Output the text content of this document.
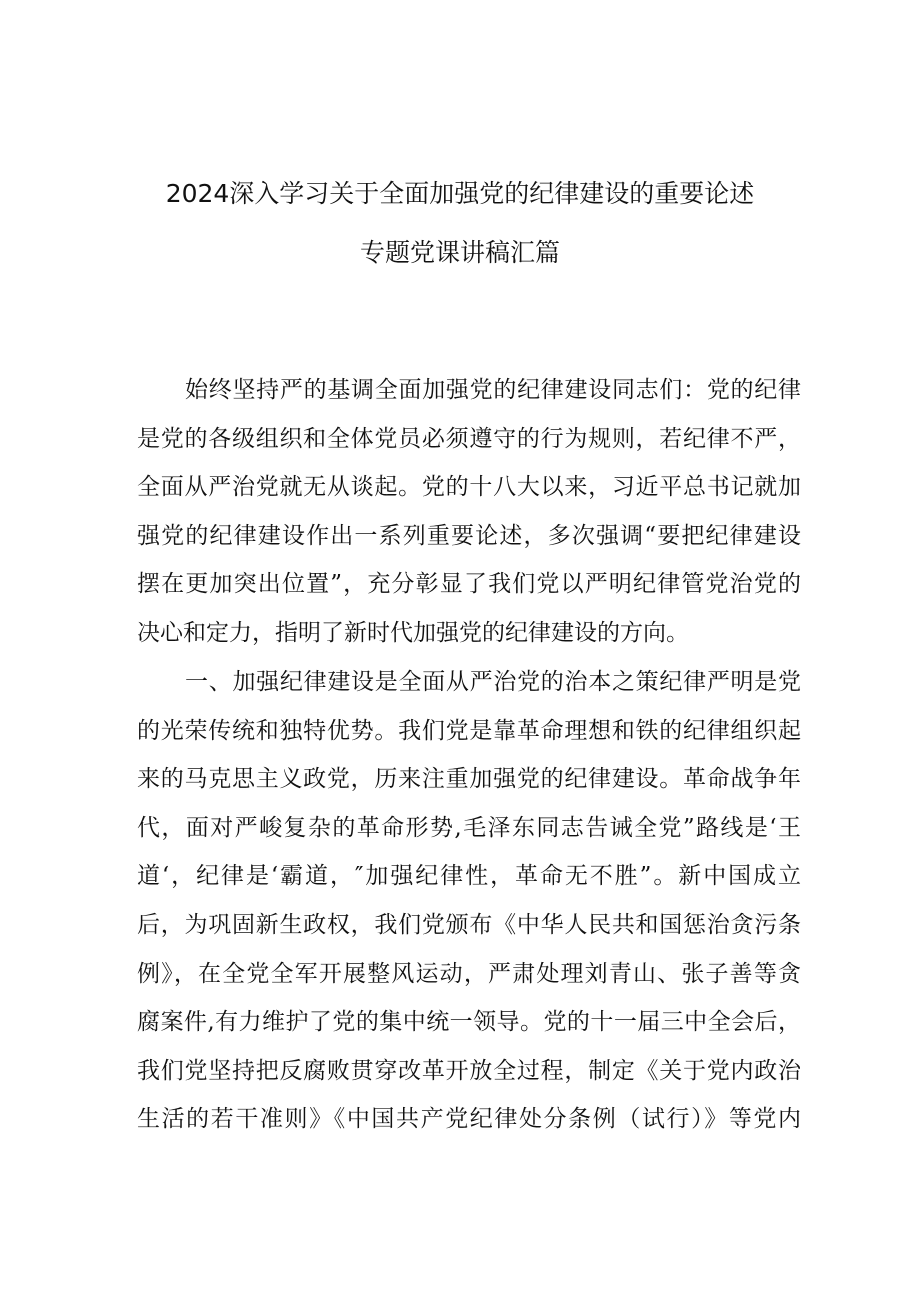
2024深入学习关于全面加强党的纪律建设的重要论述
专题党课讲稿汇篇
始终坚持严的基调全面加强党的纪律建设同志们：党的纪律
是党的各级组织和全体党员必须遵守的行为规则，若纪律不严，
全面从严治党就无从谈起。党的十八大以来，习近平总书记就加
强党的纪律建设作出一系列重要论述，多次强调“要把纪律建设
摆在更加突出位置”，充分彰显了我们党以严明纪律管党治党的
决心和定力，指明了新时代加强党的纪律建设的方向。
一、加强纪律建设是全面从严治党的治本之策纪律严明是党
的光荣传统和独特优势。我们党是靠革命理想和铁的纪律组织起
来的马克思主义政党，历来注重加强党的纪律建设。革命战争年
代，面对严峻复杂的革命形势,毛泽东同志告诫全党”路线是‘王
道‘，纪律是‘霸道，″加强纪律性，革命无不胜”。新中国成立
后，为巩固新生政权，我们党颁布《中华人民共和国惩治贪污条
例》，在全党全军开展整风运动，严肃处理刘青山、张子善等贪
腐案件,有力维护了党的集中统一领导。党的十一届三中全会后，
我们党坚持把反腐败贯穿改革开放全过程，制定《关于党内政治
生活的若干准则》《中国共产党纪律处分条例（试行）》等党内
